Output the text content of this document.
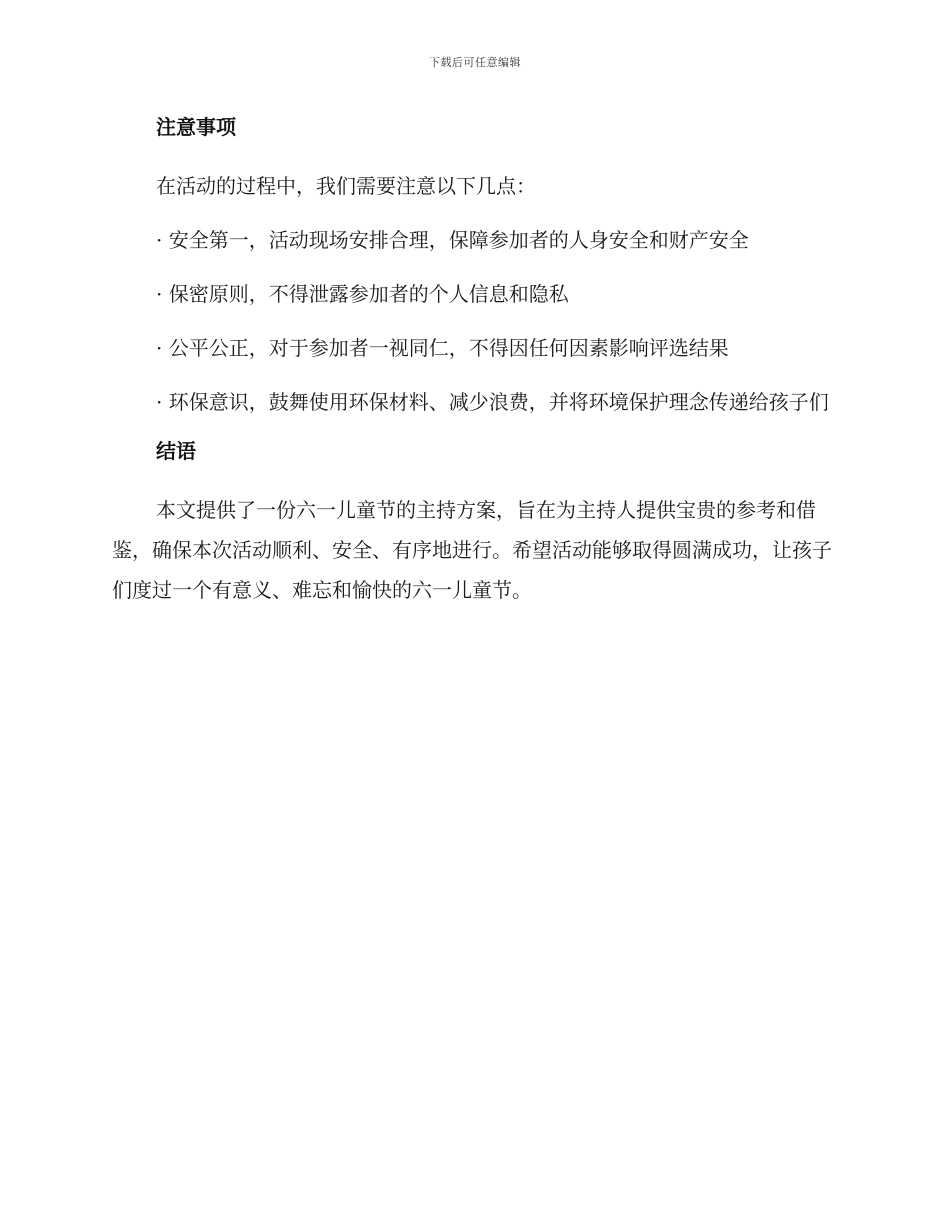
下载后可任意编辑
注意事项

在活动的过程中，我们需要注意以下几点：

· 安全第一，活动现场安排合理，保障参加者的人身安全和财产安全

· 保密原则，不得泄露参加者的个人信息和隐私

· 公平公正，对于参加者一视同仁，不得因任何因素影响评选结果

· 环保意识，鼓舞使用环保材料、减少浪费，并将环境保护理念传递给孩子们

结语

本文提供了一份六一儿童节的主持方案，旨在为主持人提供宝贵的参考和借鉴，确保本次活动顺利、安全、有序地进行。希望活动能够取得圆满成功，让孩子们度过一个有意义、难忘和愉快的六一儿童节。
